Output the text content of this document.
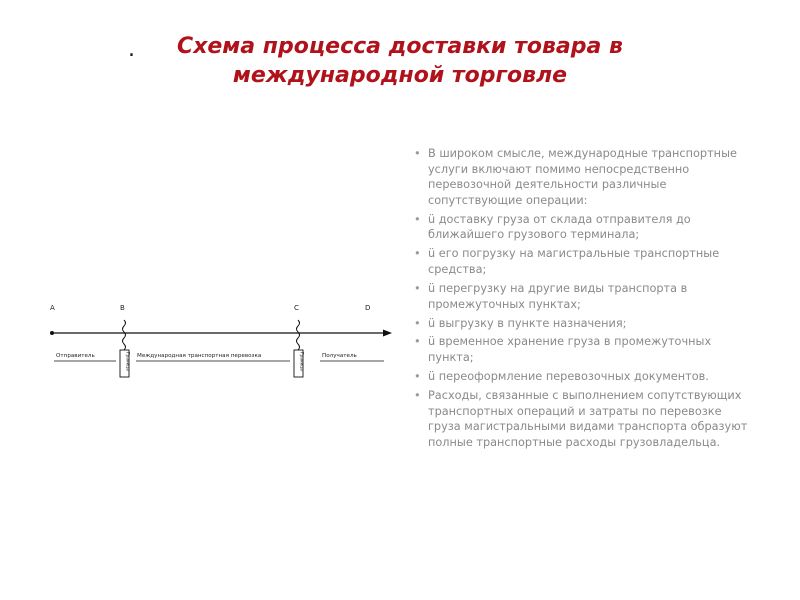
.	Схема процесса доставки товара в
международной торговле
A	B	C	D
Отправитель	Граница Международная транспортная перевозка	Граница	Получатель
• В широком смысле, международные транспортные услуги включают помимо непосредственно перевозочной деятельности различные сопутствующие операции:
• ü доставку груза от склада отправителя до ближайшего грузового терминала;
• ü его погрузку на магистральные транспортные средства;
• ü перегрузку на другие виды транспорта в промежуточных пунктах;
• ü выгрузку в пункте назначения;
• ü временное хранение груза в промежуточных пункта;
• ü переоформление перевозочных документов.
• Расходы, связанные с выполнением сопутствующих транспортных операций и затраты по перевозке груза магистральными видами транспорта образуют полные транспортные расходы грузовладельца.
